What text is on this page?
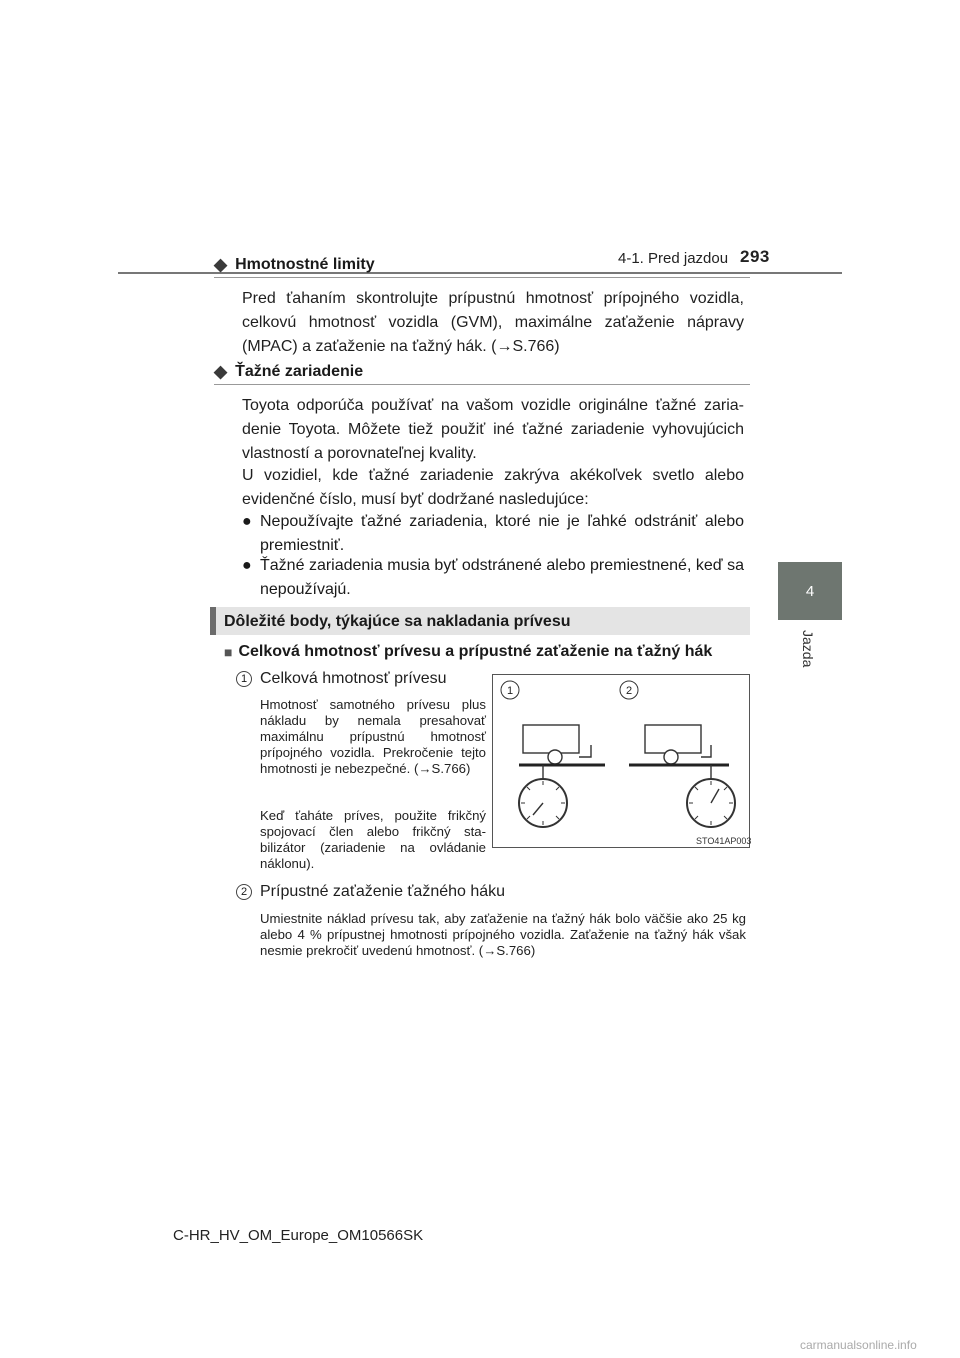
4-1. Pred jazdou 293
4
Jazda
◆ Hmotnostné limity
Pred ťahaním skontrolujte prípustnú hmotnosť prípojného vozidla, celkovú hmotnosť vozidla (GVM), maximálne zaťaženie nápravy (MPAC) a zaťaženie na ťažný hák. (→S.766)
◆ Ťažné zariadenie
Toyota odporúča používať na vašom vozidle originálne ťažné zaria-denie Toyota. Môžete tiež použiť iné ťažné zariadenie vyhovujúcich vlastností a porovnateľnej kvality.
U vozidiel, kde ťažné zariadenie zakrýva akékoľvek svetlo alebo evidenčné číslo, musí byť dodržané nasledujúce:
● Nepoužívajte ťažné zariadenia, ktoré nie je ľahké odstrániť alebo premiestniť.
● Ťažné zariadenia musia byť odstránené alebo premiestnené, keď sa nepoužívajú.
Dôležité body, týkajúce sa nakladania prívesu
■ Celková hmotnosť prívesu a prípustné zaťaženie na ťažný hák
1 Celková hmotnosť prívesu
Hmotnosť samotného prívesu plus nákladu by nemala presahovať maximálnu prípustnú hmotnosť prípojného vozidla. Prekročenie tejto hmotnosti je nebezpečné. (→S.766)
Keď ťaháte príves, použite frikčný spojovací člen alebo frikčný sta-bilizátor (zariadenie na ovládanie náklonu).
1	2
STO41AP003
2 Prípustné zaťaženie ťažného háku
Umiestnite náklad prívesu tak, aby zaťaženie na ťažný hák bolo väčšie ako 25 kg alebo 4 % prípustnej hmotnosti prípojného vozidla. Zaťaženie na ťažný hák však nesmie prekročiť uvedenú hmotnosť. (→S.766)
C-HR_HV_OM_Europe_OM10566SK
carmanualsonline.info
